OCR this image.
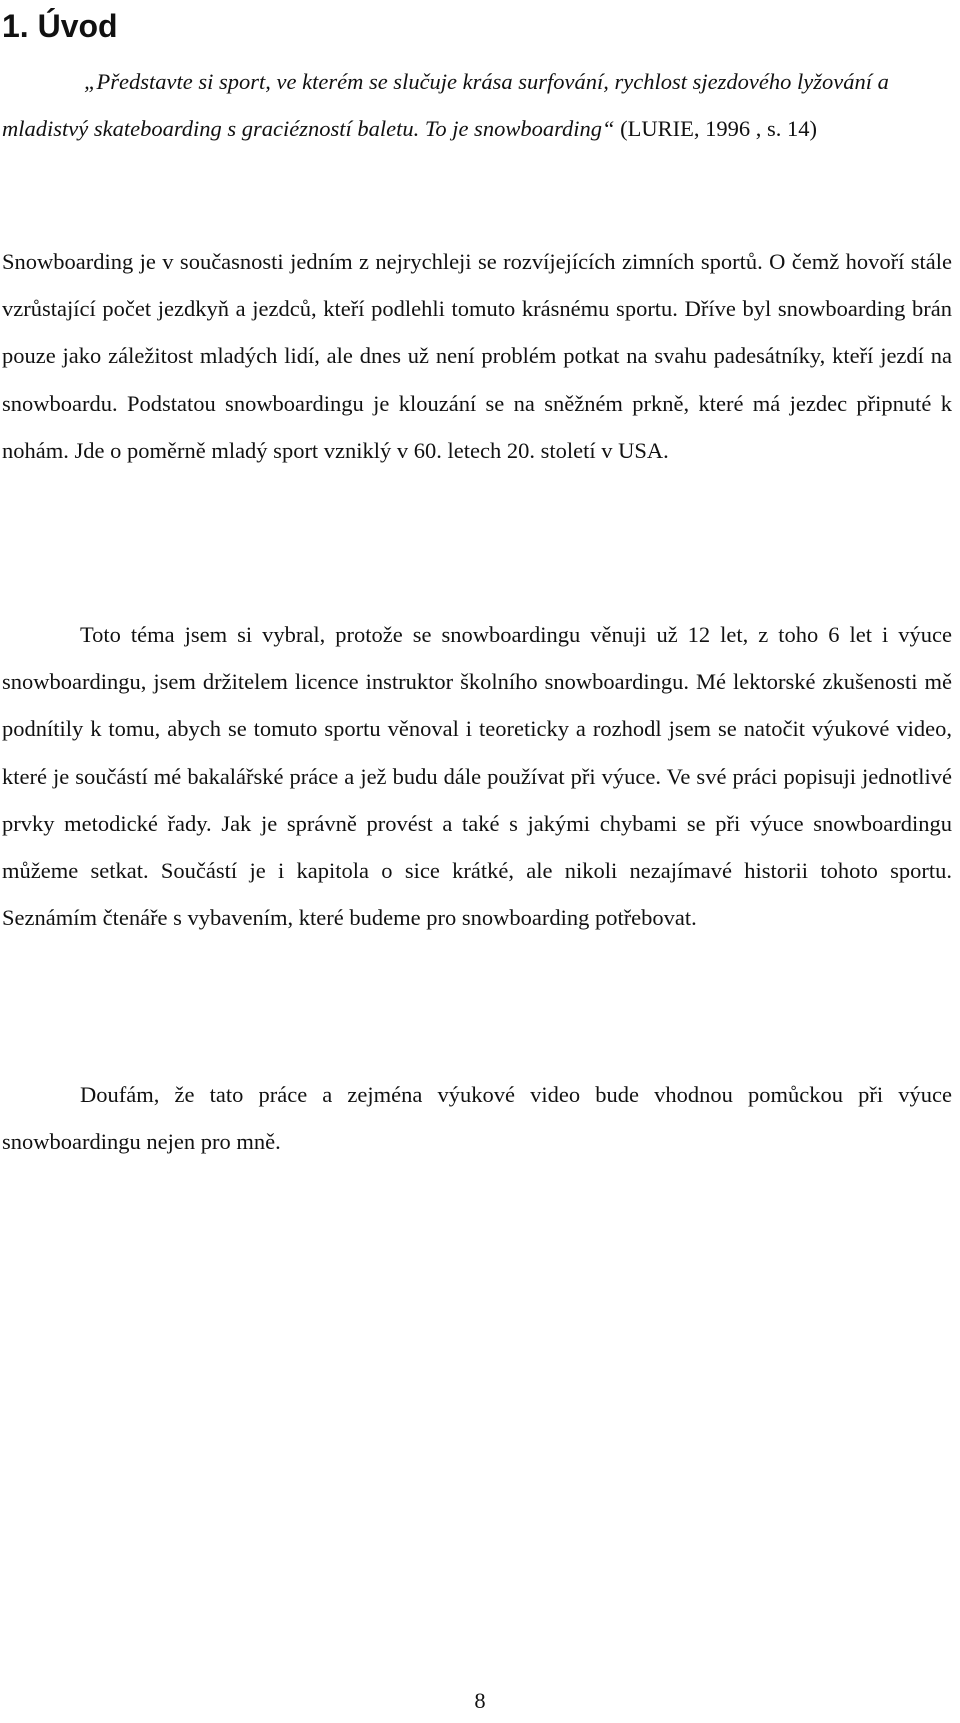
1. Úvod

„Představte si sport, ve kterém se slučuje krása surfování, rychlost sjezdového lyžování a mladistvý skateboarding s graciézností baletu. To je snowboarding“ (LURIE, 1996 , s. 14)

Snowboarding je v současnosti jedním z nejrychleji se rozvíjejících zimních sportů. O čemž hovoří stále vzrůstající počet jezdkyň a jezdců, kteří podlehli tomuto krásnému sportu. Dříve byl snowboarding brán pouze jako záležitost mladých lidí, ale dnes už není problém potkat na svahu padesátníky, kteří jezdí na snowboardu. Podstatou snowboardingu je klouzání se na sněžném prkně, které má jezdec připnuté k nohám. Jde o poměrně mladý sport vzniklý v 60. letech 20. století v USA.

Toto téma jsem si vybral, protože se snowboardingu věnuji už 12 let, z toho 6 let i výuce snowboardingu, jsem držitelem licence instruktor školního snowboardingu. Mé lektorské zkušenosti mě podnítily k tomu, abych se tomuto sportu věnoval i teoreticky a rozhodl jsem se natočit výukové video, které je součástí mé bakalářské práce a jež budu dále používat při výuce. Ve své práci popisuji jednotlivé prvky metodické řady. Jak je správně provést a také s jakými chybami se při výuce snowboardingu můžeme setkat. Součástí je i kapitola o sice krátké, ale nikoli nezajímavé historii tohoto sportu. Seznámím čtenáře s vybavením, které budeme pro snowboarding potřebovat.

Doufám, že tato práce a zejména výukové video bude vhodnou pomůckou při výuce snowboardingu nejen pro mně.

8
